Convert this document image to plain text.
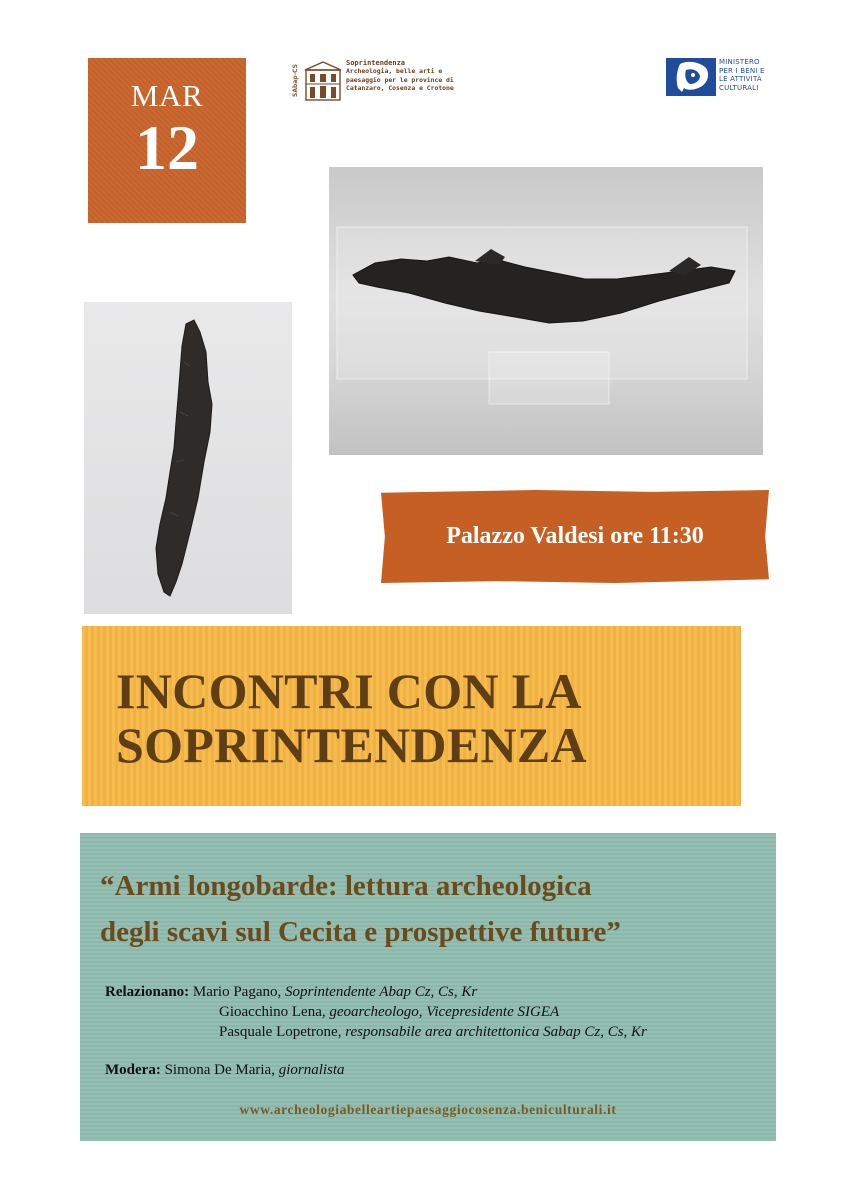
MAR
12
SAbap-CS
Soprintendenza
Archeologia, belle arti e
paesaggio per le province di
Catanzaro, Cosenza e Crotone
MINISTERO
PER I BENI E
LE ATTIVITÀ
CULTURALI
Palazzo Valdesi ore 11:30
INCONTRI CON LA
SOPRINTENDENZA
“Armi longobarde: lettura archeologica
degli scavi sul Cecita e prospettive future”
Relazionano: Mario Pagano, Soprintendente Abap Cz, Cs, Kr
Gioacchino Lena, geoarcheologo, Vicepresidente SIGEA
Pasquale Lopetrone, responsabile area architettonica Sabap Cz, Cs, Kr
Modera: Simona De Maria, giornalista
www.archeologiabelleartiepaesaggiocosenza.beniculturali.it
